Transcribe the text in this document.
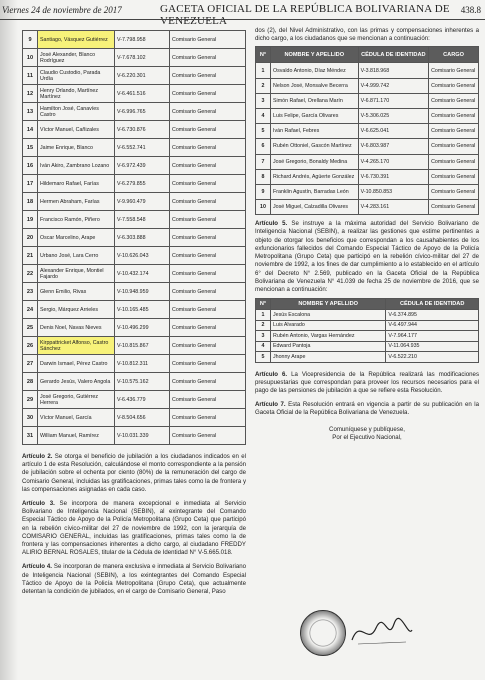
Viernes 24 de noviembre de 2017	GACETA OFICIAL DE LA REPÚBLICA BOLIVARIANA DE VENEZUELA
438.8
9	Santiago, Vásquez Gutiérrez	V-7.798.958	Comisario General
10	José Alexander, Blanco Rodríguez	V-7.678.102	Comisario General
11	Claudio Custodio, Parada Urdía	V-6.220.301	Comisario General
12	Henry Orlando, Martínez Martínez	V-6.461.516	Comisario General
13	Hamilton José, Canavíes Castro	V-6.996.765	Comisario General
14	Víctor Manuel, Cañizales	V-6.730.876	Comisario General
15	Jaime Enrique, Blanco	V-6.552.741	Comisario General
16	Iván Akiro, Zambrano Lozano	V-6.972.439	Comisario General
17	Hildemaro Rafael, Farías	V-6.279.855	Comisario General
18	Hermen Abraham, Farías	V-9.960.479	Comisario General
19	Francisco Ramón, Piñero	V-7.558.548	Comisario General
20	Oscar Marcelino, Arape	V-6.303.888	Comisario General
21	Urbano José, Lara Cerro	V-10.626.043	Comisario General
22	Alexander Enrique, Montiel Fajardo	V-10.432.174	Comisario General
23	Glenn Emilio, Rivas	V-10.948.959	Comisario General
24	Sergio, Márquez Arrieles	V-10.165.485	Comisario General
25	Denis Noel, Navas Nieves	V-10.496.299	Comisario General
26	Kirppattricket Alfonso, Castro Sánchez	V-10.815.867	Comisario General
27	Darwin Ismael, Pérez Castro	V-10.812.311	Comisario General
28	Gerardo Jesús, Valero Angola	V-10.575.162	Comisario General
29	José Gregorio, Gutiérrez Herrera	V-6.436.779	Comisario General
30	Víctor Manuel, García	V-8.504.656	Comisario General
31	William Manuel, Ramírez	V-10.031.339	Comisario General

Artículo 2. Se otorga el beneficio de jubilación a los ciudadanos indicados en el artículo 1 de esta Resolución, calculándose el monto correspondiente a la pensión de jubilación sobre el ochenta por ciento (80%) de la remuneración del cargo de Comisario General, incluidas las gratificaciones, primas tales como la de frontera y las compensaciones asignadas en cada caso.

Artículo 3. Se incorpora de manera excepcional e inmediata al Servicio Bolivariano de Inteligencia Nacional (SEBIN), al exintegrante del Comando Especial Táctico de Apoyo de la Policía Metropolitana (Grupo Ceta) que participó en la rebelión cívico-militar del 27 de noviembre de 1992, con la jerarquía de COMISARIO GENERAL, incluidas las gratificaciones, primas tales como la de frontera y las compensaciones inherentes a dicho cargo, al ciudadano FREDDY ALIRIO BERNAL ROSALES, titular de la Cédula de Identidad N° V-5.665.018.

Artículo 4. Se incorporan de manera exclusiva e inmediata al Servicio Bolivariano de Inteligencia Nacional (SEBIN), a los exintegrantes del Comando Especial Táctico de Apoyo de la Policía Metropolitana (Grupo Ceta), que actualmente detentan la condición de jubilados, en el cargo de Comisario General, Paso

dos (2), del Nivel Administrativo, con las primas y compensaciones inherentes a dicho cargo, a los ciudadanos que se mencionan a continuación:

N°	NOMBRE Y APELLIDO	CÉDULA DE IDENTIDAD	CARGO
1	Osvaldo Antonio, Díaz Méndez	V-3.818.968	Comisario General
2	Nelson José, Monsalve Becerra	V-4.999.742	Comisario General
3	Simón Rafael, Orellana Marín	V-6.871.170	Comisario General
4	Luis Felipe, García Olivares	V-5.306.025	Comisario General
5	Iván Rafael, Febres	V-6.625.041	Comisario General
6	Rubén Ottoniel, Gascón Martínez	V-6.803.987	Comisario General
7	José Gregorio, Bonaldy Medina	V-4.265.170	Comisario General
8	Richard Andrés, Agüerte González	V-6.730.391	Comisario General
9	Franklin Agustín, Barradas León	V-10.850.853	Comisario General
10	José Miguel, Calzadilla Olivares	V-4.283.161	Comisario General

Artículo 5. Se instruye a la máxima autoridad del Servicio Bolivariano de Inteligencia Nacional (SEBIN), a realizar las gestiones que estime pertinentes a objeto de otorgar los beneficios que correspondan a los causahabientes de los exfuncionarios fallecidos del Comando Especial Táctico de Apoyo de la Policía Metropolitana (Grupo Ceta) que participó en la rebelión cívico-militar del 27 de noviembre de 1992, a los fines de dar cumplimiento a lo establecido en el artículo 6° del Decreto N° 2.569, publicado en la Gaceta Oficial de la República Bolivariana de Venezuela N° 41.039 de fecha 25 de noviembre de 2016, que se mencionan a continuación:

N°	NOMBRE Y APELLIDO	CÉDULA DE IDENTIDAD
1	Jesús Escalona	V-6.374.895
2	Luis Alvarado	V-6.497.944
3	Rubén Antonio, Vargas Hernández	V-7.964.177
4	Edward Pantoja	V-11.064.935
5	Jhonny Arape	V-6.522.210

Artículo 6. La Vicepresidencia de la República realizará las modificaciones presupuestarias que correspondan para proveer los recursos necesarios para el pago de las pensiones de jubilación a que se refiere esta Resolución.

Artículo 7. Esta Resolución entrará en vigencia a partir de su publicación en la Gaceta Oficial de la República Bolivariana de Venezuela.

Comuníquese y publíquese,
Por el Ejecutivo Nacional,
